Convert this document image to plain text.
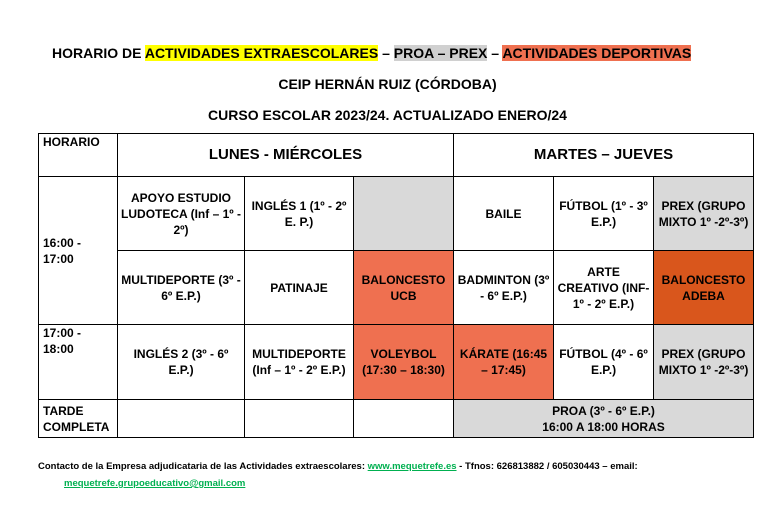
HORARIO DE ACTIVIDADES EXTRAESCOLARES – PROA – PREX – ACTIVIDADES DEPORTIVAS
CEIP HERNÁN RUIZ (CÓRDOBA)
CURSO ESCOLAR 2023/24. ACTUALIZADO ENERO/24
HORARIO	LUNES - MIÉRCOLES			MARTES – JUEVES		
16:00 - 17:00	APOYO ESTUDIO LUDOTECA (Inf – 1º - 2º)	INGLÉS 1 (1º - 2º E. P.)		BAILE	FÚTBOL (1º - 3º E.P.)	PREX (GRUPO MIXTO 1º -2º-3º)
	MULTIDEPORTE (3º - 6º E.P.)	PATINAJE	BALONCESTO UCB	BADMINTON (3º - 6º E.P.)	ARTE CREATIVO (INF- 1º - 2º E.P.)	BALONCESTO ADEBA
17:00 - 18:00	INGLÉS 2 (3º - 6º E.P.)	MULTIDEPORTE (Inf – 1º - 2º E.P.)	VOLEYBOL (17:30 – 18:30)	KÁRATE (16:45 – 17:45)	FÚTBOL (4º - 6º E.P.)	PREX (GRUPO MIXTO 1º -2º-3º)
TARDE COMPLETA				PROA (3º - 6º E.P.)
16:00 A 18:00 HORAS		
Contacto de la Empresa adjudicataria de las Actividades extraescolares: www.mequetrefe.es - Tfnos: 626813882 / 605030443 – email:
mequetrefe.grupoeducativo@gmail.com
